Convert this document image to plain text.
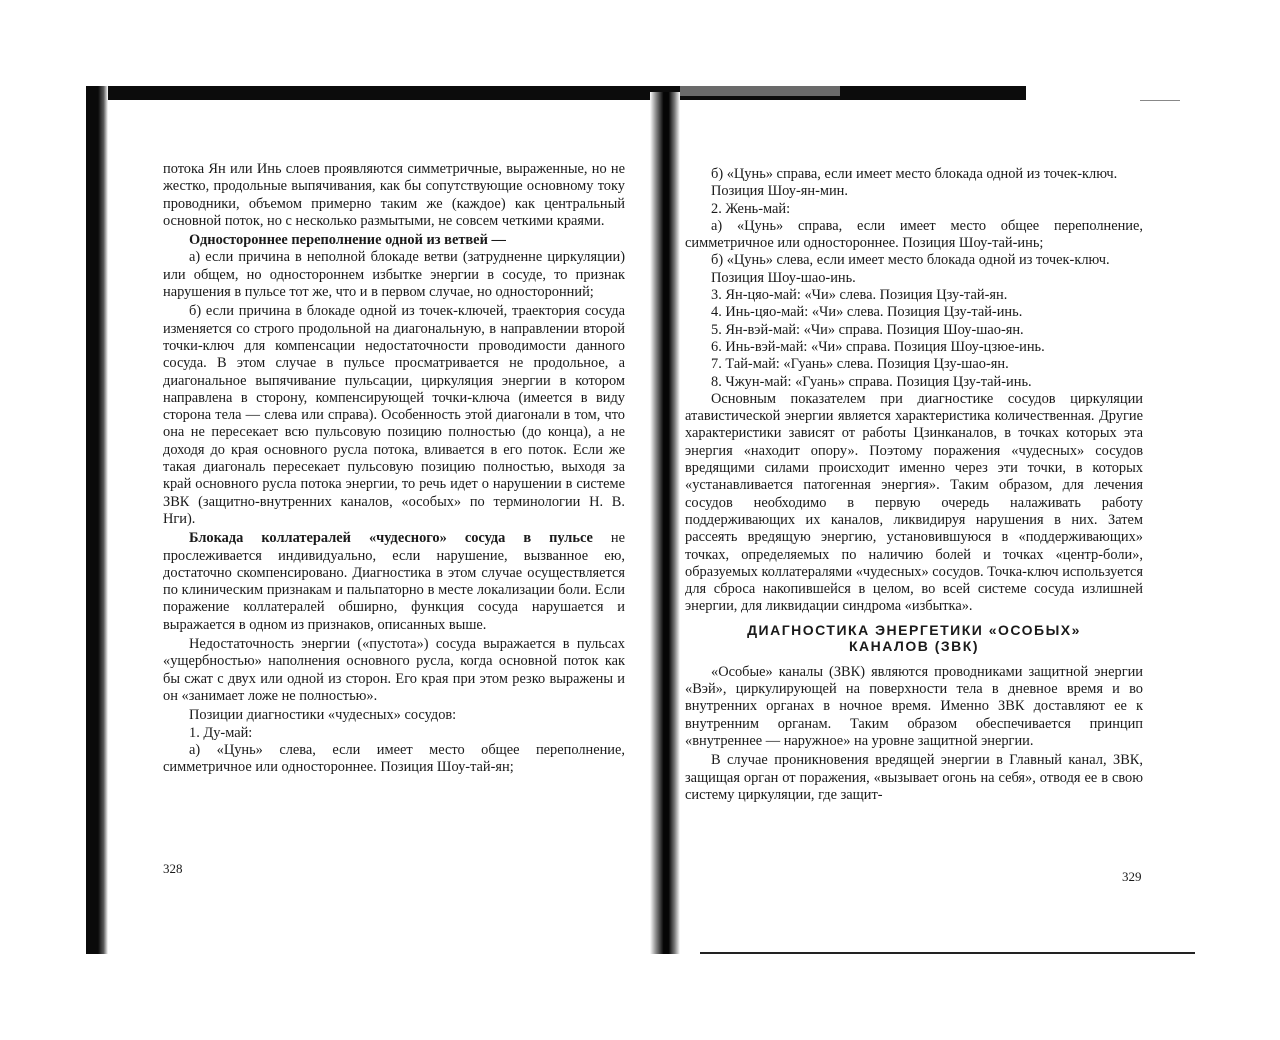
потока Ян или Инь слоев проявляются симметричные, выраженные, но не жестко, продольные выпячивания, как бы сопутствующие основному току проводники, объемом примерно таким же (каждое) как центральный основной поток, но с несколько размытыми, не совсем четкими краями.

Одностороннее переполнение одной из ветвей —

а) если причина в неполной блокаде ветви (затрудненне циркуляции) или общем, но одностороннем избытке энергии в сосуде, то признак нарушения в пульсе тот же, что и в первом случае, но односторонний;

б) если причина в блокаде одной из точек-ключей, траектория сосуда изменяется со строго продольной на диагональную, в направлении второй точки-ключ для компенсации недостаточности проводимости данного сосуда. В этом случае в пульсе просматривается не продольное, а диагональное выпячивание пульсации, циркуляция энергии в котором направлена в сторону, компенсирующей точки-ключа (имеется в виду сторона тела — слева или справа). Особенность этой диагонали в том, что она не пересекает всю пульсовую позицию полностью (до конца), а не доходя до края основного русла потока, вливается в его поток. Если же такая диагональ пересекает пульсовую позицию полностью, выходя за край основного русла потока энергии, то речь идет о нарушении в системе ЗВК (защитно-внутренних каналов, «особых» по терминологии Н. В. Нги).

Блокада коллатералей «чудесного» сосуда в пульсе не прослеживается индивидуально, если нарушение, вызванное ею, достаточно скомпенсировано. Диагностика в этом случае осуществляется по клиническим признакам и пальпаторно в месте локализации боли. Если поражение коллатералей обширно, функция сосуда нарушается и выражается в одном из признаков, описанных выше.

Недостаточность энергии («пустота») сосуда выражается в пульсах «ущербностью» наполнения основного русла, когда основной поток как бы сжат с двух или одной из сторон. Его края при этом резко выражены и он «занимает ложе не полностью».

Позиции диагностики «чудесных» сосудов:

1. Ду-май:

а) «Цунь» слева, если имеет место общее переполнение, симметричное или одностороннее. Позиция Шоу-тай-ян;

328

б) «Цунь» справа, если имеет место блокада одной из точек-ключ.

Позиция Шоу-ян-мин.

2. Жень-май:

а) «Цунь» справа, если имеет место общее переполнение, симметричное или одностороннее. Позиция Шоу-тай-инь;

б) «Цунь» слева, если имеет место блокада одной из точек-ключ.

Позиция Шоу-шао-инь.

3. Ян-цяо-май: «Чи» слева. Позиция Цзу-тай-ян.

4. Инь-цяо-май: «Чи» слева. Позиция Цзу-тай-инь.

5. Ян-вэй-май: «Чи» справа. Позиция Шоу-шао-ян.

6. Инь-вэй-май: «Чи» справа. Позиция Шоу-цзюе-инь.

7. Тай-май: «Гуань» слева. Позиция Цзу-шао-ян.

8. Чжун-май: «Гуань» справа. Позиция Цзу-тай-инь.

Основным показателем при диагностике сосудов циркуляции атавистической энергии является характеристика количественная. Другие характеристики зависят от работы Цзинканалов, в точках которых эта энергия «находит опору». Поэтому поражения «чудесных» сосудов вредящими силами происходит именно через эти точки, в которых «устанавливается патогенная энергия». Таким образом, для лечения сосудов необходимо в первую очередь налаживать работу поддерживающих их каналов, ликвидируя нарушения в них. Затем рассеять вредящую энергию, установившуюся в «поддерживающих» точках, определяемых по наличию болей и точках «центр-боли», образуемых коллатералями «чудесных» сосудов. Точка-ключ используется для сброса накопившейся в целом, во всей системе сосуда излишней энергии, для ликвидации синдрома «избытка».

ДИАГНОСТИКА ЭНЕРГЕТИКИ «ОСОБЫХ»
КАНАЛОВ (ЗВК)

«Особые» каналы (ЗВК) являются проводниками защитной энергии «Вэй», циркулирующей на поверхности тела в дневное время и во внутренних органах в ночное время. Именно ЗВК доставляют ее к внутренним органам. Таким образом обеспечивается принцип «внутреннее — наружное» на уровне защитной энергии.

В случае проникновения вредящей энергии в Главный канал, ЗВК, защищая орган от поражения, «вызывает огонь на себя», отводя ее в свою систему циркуляции, где защит-

329
